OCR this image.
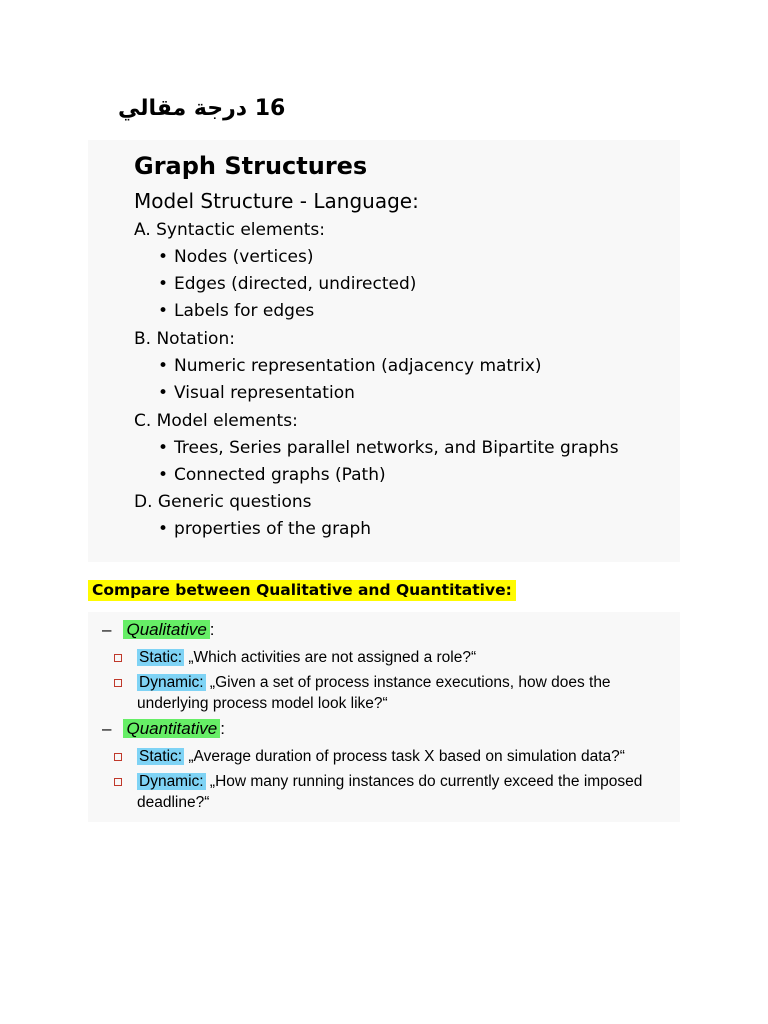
16 درجة مقالي
Graph Structures
Model Structure - Language:
A. Syntactic elements:
• Nodes (vertices)
• Edges (directed, undirected)
• Labels for edges
B. Notation:
• Numeric representation (adjacency matrix)
• Visual representation
C. Model elements:
• Trees, Series parallel networks, and Bipartite graphs
• Connected graphs (Path)
D. Generic questions
• properties of the graph
Compare between Qualitative and Quantitative:
– Qualitative :
Static: „Which activities are not assigned a role?“
Dynamic: „Given a set of process instance executions, how does the underlying process model look like?“
– Quantitative :
Static: „Average duration of process task X based on simulation data?“
Dynamic: „How many running instances do currently exceed the imposed deadline?“
